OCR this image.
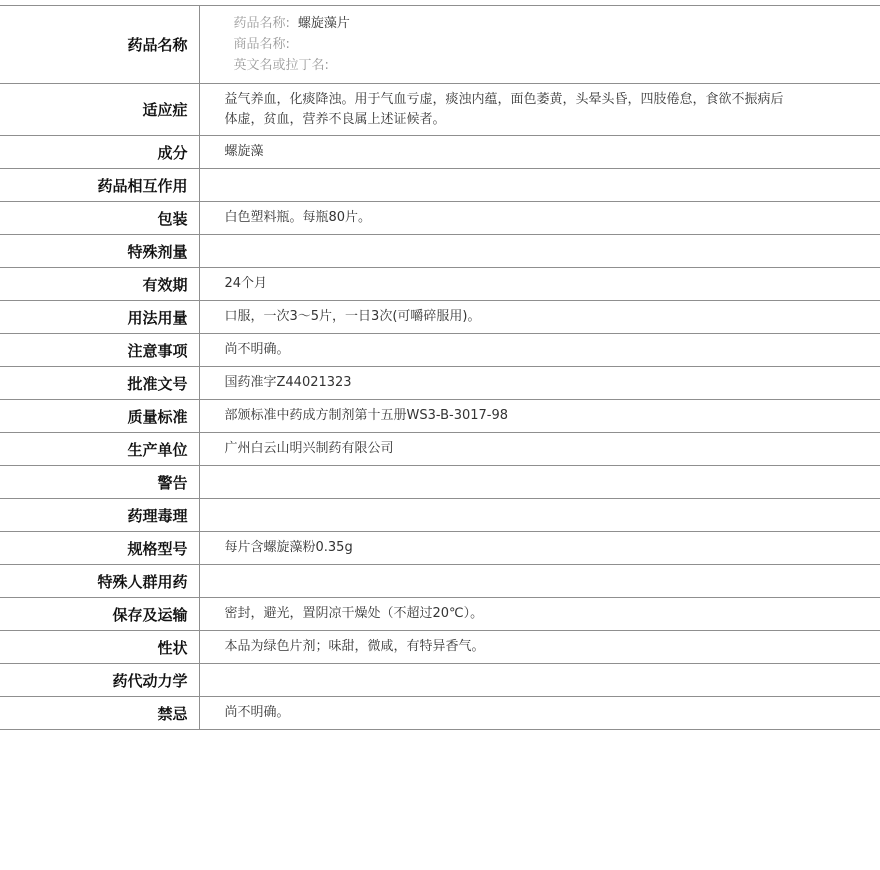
药品名称	药品名称: 螺旋藻片
商品名称:
英文名或拉丁名:

适应症	益气养血，化痰降浊。用于气血亏虚，痰浊内蕴，面色萎黄，头晕头昏，四肢倦怠，食欲不振病后体虚，贫血，营养不良属上述证候者。
成分	螺旋藻
药品相互作用	
包装	白色塑料瓶。每瓶80片。
特殊剂量	
有效期	24个月
用法用量	口服，一次3～5片，一日3次(可嚼碎服用)。
注意事项	尚不明确。
批准文号	国药准字Z44021323
质量标准	部颁标准中药成方制剂第十五册WS3-B-3017-98
生产单位	广州白云山明兴制药有限公司
警告	
药理毒理	
规格型号	每片含螺旋藻粉0.35g
特殊人群用药	
保存及运输	密封，避光，置阴凉干燥处（不超过20℃）。
性状	本品为绿色片剂；味甜，微咸，有特异香气。
药代动力学	
禁忌	尚不明确。
